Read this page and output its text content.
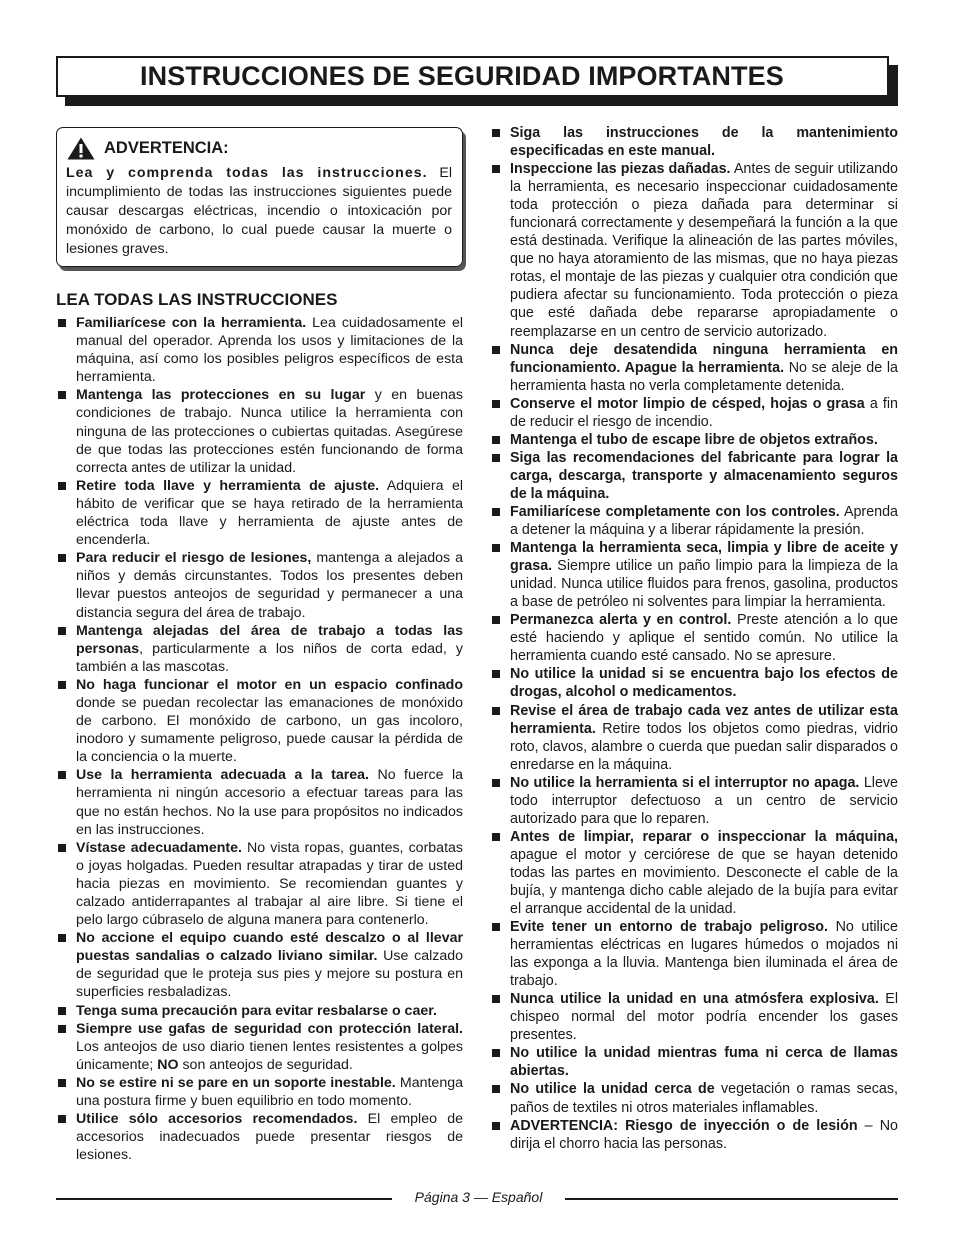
INSTRUCCIONES DE SEGURIDAD IMPORTANTES
ADVERTENCIA:
Lea y comprenda todas las instrucciones. El incumplimiento de todas las instrucciones siguientes puede causar descargas eléctricas, incendio o intoxicación por monóxido de carbono, lo cual puede causar la muerte o lesiones graves.
LEA TODAS LAS INSTRUCCIONES
Familiarícese con la herramienta. Lea cuidadosamente el manual del operador. Aprenda los usos y limitaciones de la máquina, así como los posibles peligros específicos de esta herramienta.
Mantenga las protecciones en su lugar y en buenas condiciones de trabajo. Nunca utilice la herramienta con ninguna de las protecciones o cubiertas quitadas. Asegúrese de que todas las protecciones estén funcionando de forma correcta antes de utilizar la unidad.
Retire toda llave y herramienta de ajuste. Adquiera el hábito de verificar que se haya retirado de la herramienta eléctrica toda llave y herramienta de ajuste antes de encenderla.
Para reducir el riesgo de lesiones, mantenga a alejados a niños y demás circunstantes. Todos los presentes deben llevar puestos anteojos de seguridad y permanecer a una distancia segura del área de trabajo.
Mantenga alejadas del área de trabajo a todas las personas, particularmente a los niños de corta edad, y también a las mascotas.
No haga funcionar el motor en un espacio confinado donde se puedan recolectar las emanaciones de monóxido de carbono. El monóxido de carbono, un gas incoloro, inodoro y sumamente peligroso, puede causar la pérdida de la conciencia o la muerte.
Use la herramienta adecuada a la tarea. No fuerce la herramienta ni ningún accesorio a efectuar tareas para las que no están hechos. No la use para propósitos no indicados en las instrucciones.
Vístase adecuadamente. No vista ropas, guantes, corbatas o joyas holgadas. Pueden resultar atrapadas y tirar de usted hacia piezas en movimiento. Se recomiendan guantes y calzado antiderrapantes al trabajar al aire libre. Si tiene el pelo largo cúbraselo de alguna manera para contenerlo.
No accione el equipo cuando esté descalzo o al llevar puestas sandalias o calzado liviano similar. Use calzado de seguridad que le proteja sus pies y mejore su postura en superficies resbaladizas.
Tenga suma precaución para evitar resbalarse o caer.
Siempre use gafas de seguridad con protección lateral. Los anteojos de uso diario tienen lentes resistentes a golpes únicamente; NO son anteojos de seguridad.
No se estire ni se pare en un soporte inestable. Mantenga una postura firme y buen equilibrio en todo momento.
Utilice sólo accesorios recomendados. El empleo de accesorios inadecuados puede presentar riesgos de lesiones.
Siga las instrucciones de la mantenimiento especificadas en este manual.
Inspeccione las piezas dañadas. Antes de seguir utilizando la herramienta, es necesario inspeccionar cuidadosamente toda protección o pieza dañada para determinar si funcionará correctamente y desempeñará la función a la que está destinada. Verifique la alineación de las partes móviles, que no haya atoramiento de las mismas, que no haya piezas rotas, el montaje de las piezas y cualquier otra condición que pudiera afectar su funcionamiento. Toda protección o pieza que esté dañada debe repararse apropiadamente o reemplazarse en un centro de servicio autorizado.
Nunca deje desatendida ninguna herramienta en funcionamiento. Apague la herramienta. No se aleje de la herramienta hasta no verla completamente detenida.
Conserve el motor limpio de césped, hojas o grasa a fin de reducir el riesgo de incendio.
Mantenga el tubo de escape libre de objetos extraños.
Siga las recomendaciones del fabricante para lograr la carga, descarga, transporte y almacenamiento seguros de la máquina.
Familiarícese completamente con los controles. Aprenda a detener la máquina y a liberar rápidamente la presión.
Mantenga la herramienta seca, limpia y libre de aceite y grasa. Siempre utilice un paño limpio para la limpieza de la unidad. Nunca utilice fluidos para frenos, gasolina, productos a base de petróleo ni solventes para limpiar la herramienta.
Permanezca alerta y en control. Preste atención a lo que esté haciendo y aplique el sentido común. No utilice la herramienta cuando esté cansado. No se apresure.
No utilice la unidad si se encuentra bajo los efectos de drogas, alcohol o medicamentos.
Revise el área de trabajo cada vez antes de utilizar esta herramienta. Retire todos los objetos como piedras, vidrio roto, clavos, alambre o cuerda que puedan salir disparados o enredarse en la máquina.
No utilice la herramienta si el interruptor no apaga. Lleve todo interruptor defectuoso a un centro de servicio autorizado para que lo reparen.
Antes de limpiar, reparar o inspeccionar la máquina, apague el motor y cerciórese de que se hayan detenido todas las partes en movimiento. Desconecte el cable de la bujía, y mantenga dicho cable alejado de la bujía para evitar el arranque accidental de la unidad.
Evite tener un entorno de trabajo peligroso. No utilice herramientas eléctricas en lugares húmedos o mojados ni las exponga a la lluvia. Mantenga bien iluminada el área de trabajo.
Nunca utilice la unidad en una atmósfera explosiva. El chispeo normal del motor podría encender los gases presentes.
No utilice la unidad mientras fuma ni cerca de llamas abiertas.
No utilice la unidad cerca de vegetación o ramas secas, paños de textiles ni otros materiales inflamables.
ADVERTENCIA: Riesgo de inyección o de lesión – No dirija el chorro hacia las personas.
Página 3 — Español
